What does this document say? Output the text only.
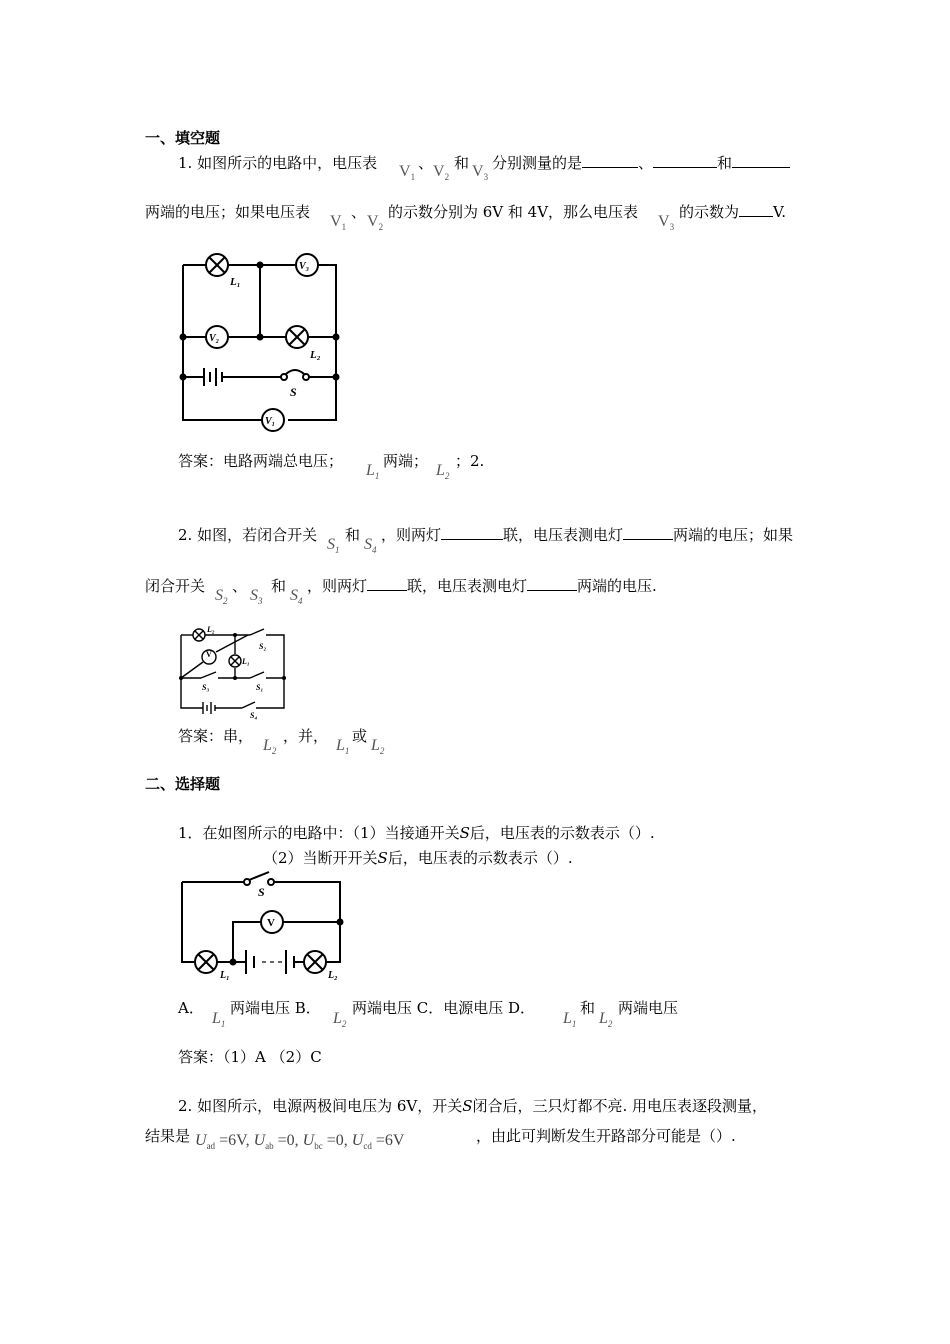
一、填空题
1. 如图所示的电路中，电压表 $V_1$
、 $V_2$
和 $V_3$
分别测量的是	、	和
两端的电压；如果电压表
$V_1$
、
$V_2$
的示数分别为 6V 和 4V，那么电压表
$V_3$
的示数为 V.
V₃
V₂
V₁
L₁
L₂
S
答案：电路两端总电压；
$L_1$
两端；
$L_2$
；2.
2. 如图，若闭合开关
$S_1$
和
$S_4$
，则两灯	联，电压表测电灯	两端的电压；如果
闭合开关
$S_2$
、
$S_3$
和
$S_4$
，则两灯	联，电压表测电灯	两端的电压.
V
L₂
L₁
S₂
S₃	S₁
S₄
答案：串，
$L_2$
，并，
$L_1$
或
$L_2$
二、选择题
1．在如图所示的电路中：（1）当接通开关S后，电压表的示数表示（）.
（2）当断开开关S后，电压表的示数表示（）.
V
S
L₁	L₂
A．
$L_1$
两端电压 B．
$L_2$
两端电压 C．电源电压 D．
$L_1$
和
$L_2$
两端电压
答案：（1）A （2）C
2. 如图所示，电源两极间电压为 6V，开关S闭合后，三只灯都不亮. 用电压表逐段测量，
结果是 $U_{ad} =6V$, $U_{ab} =0$, $U_{bc} =0$, $U_{cd} =6V$	，由此可判断发生开路部分可能是（）.
